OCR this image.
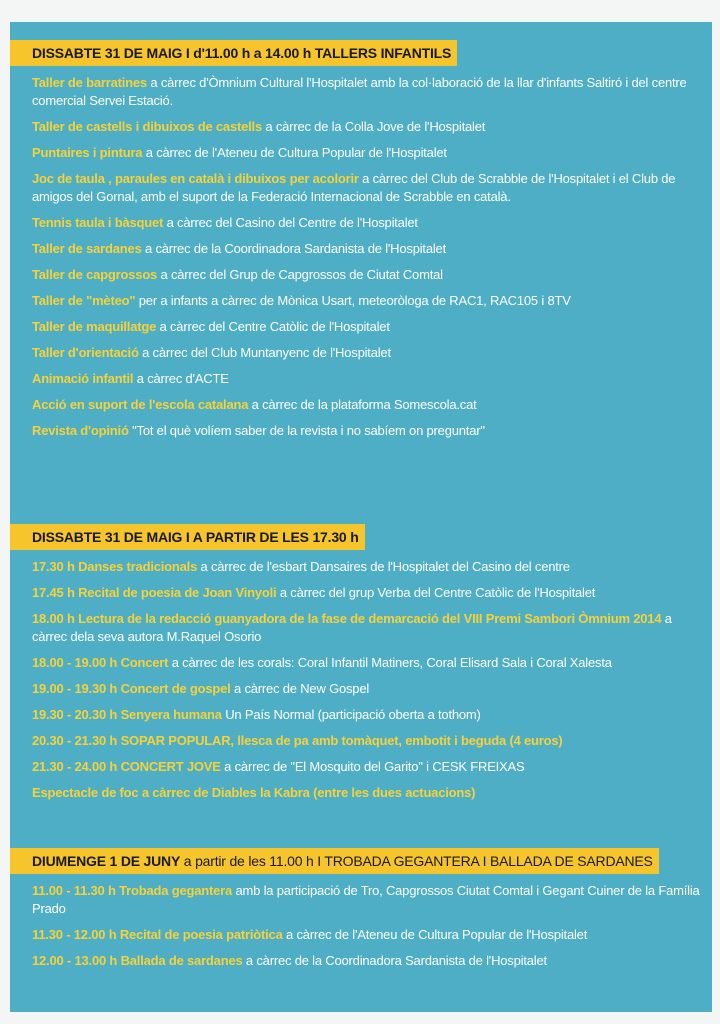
DISSABTE 31 DE MAIG I d'11.00 h a 14.00 h TALLERS INFANTILS
Taller de barratines a càrrec d'Òmnium Cultural l'Hospitalet amb la col·laboració de la llar d'infants Saltiró i del centre comercial Servei Estació.
Taller de castells i dibuixos de castells a càrrec de la Colla Jove de l'Hospitalet
Puntaires i pintura a càrrec de l'Ateneu de Cultura Popular de l'Hospitalet
Joc de taula , paraules en català i dibuixos per acolorir a càrrec del Club de Scrabble de l'Hospitalet i el Club de amigos del Gornal, amb el suport de la Federació Internacional de Scrabble en català.
Tennis taula i bàsquet a càrrec del Casino del Centre de l'Hospitalet
Taller de sardanes a càrrec de la Coordinadora Sardanista de l'Hospitalet
Taller de capgrossos a càrrec del Grup de Capgrossos de Ciutat Comtal
Taller de "mèteo" per a infants a càrrec de Mònica Usart, meteoròloga de RAC1, RAC105 i 8TV
Taller de maquillatge a càrrec del Centre Catòlic de l'Hospitalet
Taller d'orientació a càrrec del Club Muntanyenc de l'Hospitalet
Animació infantil a càrrec d'ACTE
Acció en suport de l'escola catalana a càrrec de la plataforma Somescola.cat
Revista d'opinió "Tot el què volíem saber de la revista i no sabíem on preguntar"
DISSABTE 31 DE MAIG I A PARTIR DE LES 17.30 h
17.30 h Danses tradicionals a càrrec de l'esbart Dansaires de l'Hospitalet del Casino del centre
17.45 h Recital de poesia de Joan Vinyoli a càrrec del grup Verba del Centre Catòlic de l'Hospitalet
18.00 h Lectura de la redacció guanyadora de la fase de demarcació del VIII Premi Sambori Òmnium 2014 a càrrec dela seva autora M.Raquel Osorio
18.00 - 19.00 h Concert a càrrec de les corals: Coral Infantil Matiners, Coral Elisard Sala i Coral Xalesta
19.00 - 19.30 h Concert de gospel a càrrec de New Gospel
19.30 - 20.30 h Senyera humana Un País Normal (participació oberta a tothom)
20.30 - 21.30 h SOPAR POPULAR, llesca de pa amb tomàquet, embotit i beguda (4 euros)
21.30 - 24.00 h CONCERT JOVE a càrrec de "El Mosquito del Garito" i CESK FREIXAS
Espectacle de foc a càrrec de Diables la Kabra (entre les dues actuacions)
DIUMENGE 1 DE JUNY a partir de les 11.00 h I TROBADA GEGANTERA I BALLADA DE SARDANES
11.00 - 11.30 h Trobada gegantera amb la participació de Tro, Capgrossos Ciutat Comtal i Gegant Cuiner de la Família Prado
11.30 - 12.00 h Recital de poesia patriòtica a càrrec de l'Ateneu de Cultura Popular de l'Hospitalet
12.00 - 13.00 h Ballada de sardanes a càrrec de la Coordinadora Sardanista de l'Hospitalet
